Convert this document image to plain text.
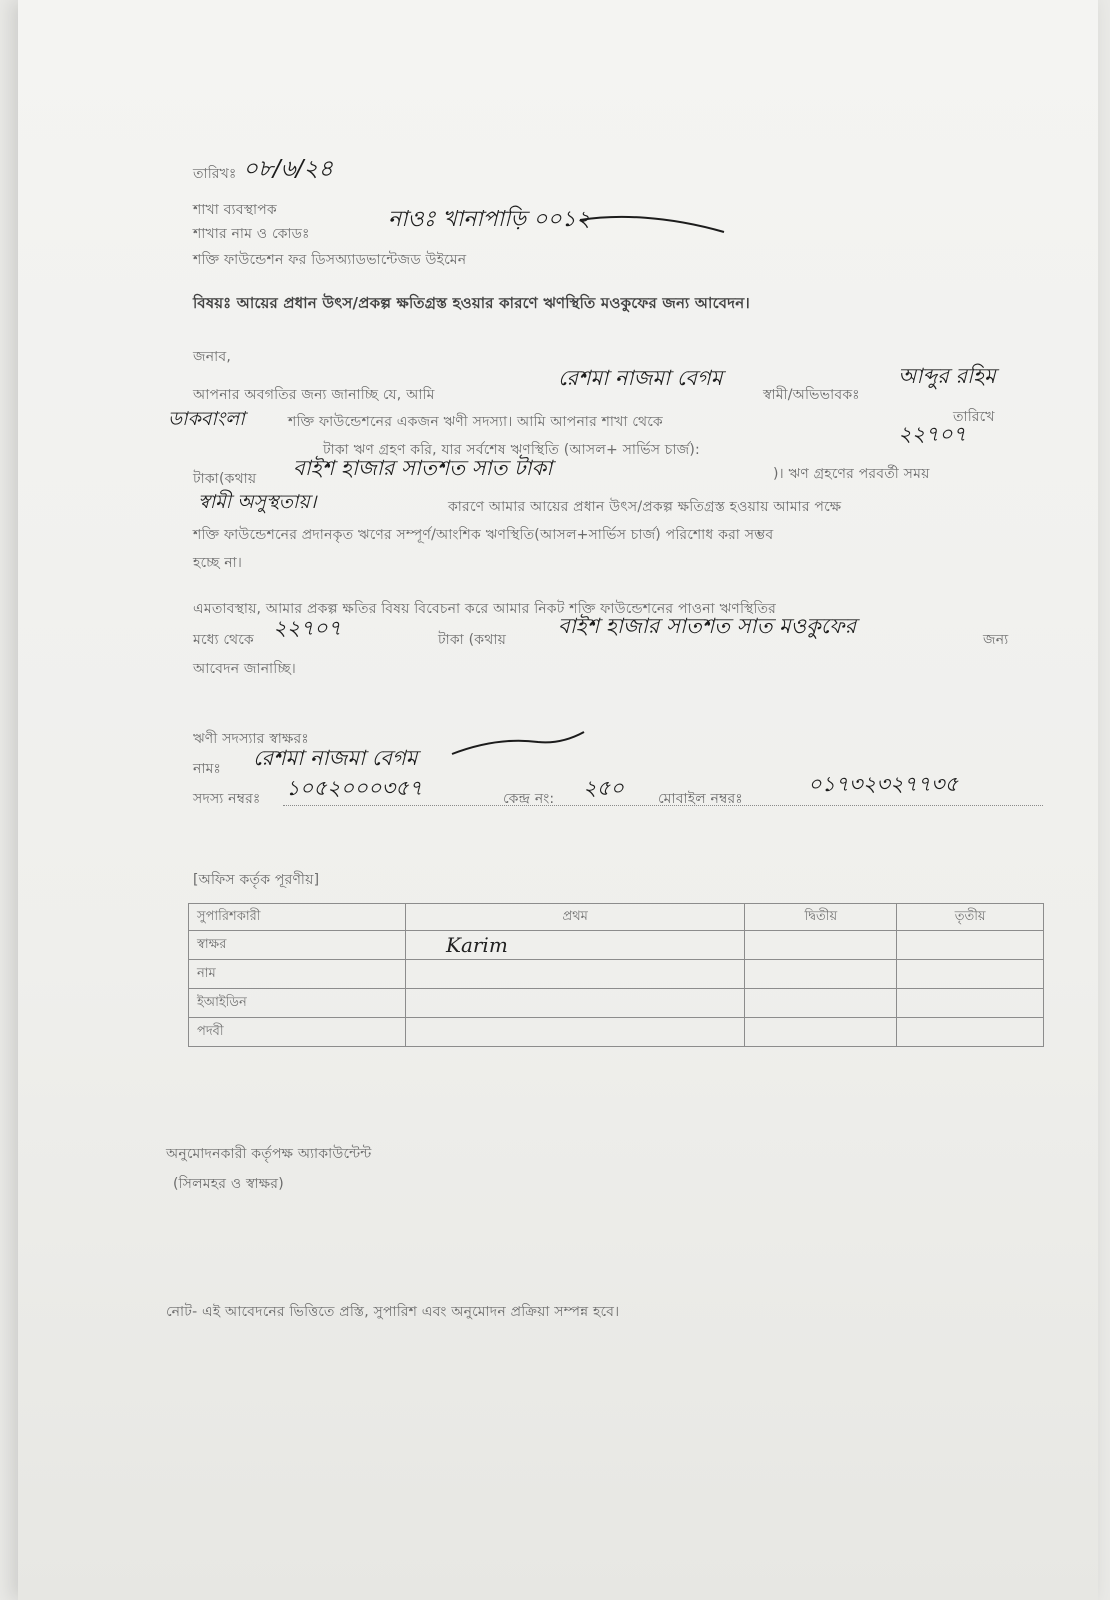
তারিখঃ ০৮/৬/২৪
শাখা ব্যবস্থাপক
শাখার নাম ও কোডঃ
নাওঃ খানাপাড়ি ০০১২
শক্তি ফাউন্ডেশন ফর ডিসঅ্যাডভান্টেজড উইমেন
বিষয়ঃ আয়ের প্রধান উৎস/প্রকল্প ক্ষতিগ্রস্ত হওয়ার কারণে ঋণস্থিতি মওকুফের জন্য আবেদন।
জনাব,
আপনার অবগতির জন্য জানাচ্ছি যে, আমি
রেশমা নাজমা বেগম
স্বামী/অভিভাবকঃ
আব্দুর রহিম
ডাকবাংলা	শক্তি ফাউন্ডেশনের একজন ঋণী সদস্যা। আমি আপনার শাখা থেকে	তারিখে
টাকা ঋণ গ্রহণ করি, যার সর্বশেষ ঋণস্থিতি (আসল+ সার্ভিস চার্জ):
২২৭০৭
টাকা(কথায় বাইশ হাজার সাতশত সাত টাকা	)। ঋণ গ্রহণের পরবর্তী সময়
স্বামী অসুস্থতায়।	কারণে আমার আয়ের প্রধান উৎস/প্রকল্প ক্ষতিগ্রস্ত হওয়ায় আমার পক্ষে
শক্তি ফাউন্ডেশনের প্রদানকৃত ঋণের সম্পূর্ণ/আংশিক ঋণস্থিতি(আসল+সার্ভিস চার্জ) পরিশোধ করা সম্ভব
হচ্ছে না।
এমতাবস্থায়, আমার প্রকল্প ক্ষতির বিষয় বিবেচনা করে আমার নিকট শক্তি ফাউন্ডেশনের পাওনা ঋণস্থিতির
মধ্যে থেকে ২২৭০৭	টাকা (কথায়
বাইশ হাজার সাতশত সাত মওকুফের
জন্য
আবেদন জানাচ্ছি।
ঋণী সদস্যার স্বাক্ষরঃ
নামঃ রেশমা নাজমা বেগম
সদস্য নম্বরঃ ১০৫২০০০৩৫৭	কেন্দ্র নং: ২৫০ মোবাইল নম্বরঃ
০১৭৩২৩২৭৭৩৫
[অফিস কর্তৃক পূরণীয়]
সুপারিশকারী	প্রথম	দ্বিতীয়	তৃতীয়
স্বাক্ষর	Karim		
নাম			
ইআইডিন			
পদবী			
অনুমোদনকারী কর্তৃপক্ষ অ্যাকাউন্টেন্ট
(সিলমহর ও স্বাক্ষর)
নোট- এই আবেদনের ভিত্তিতে প্রস্তি, সুপারিশ এবং অনুমোদন প্রক্রিয়া সম্পন্ন হবে।
